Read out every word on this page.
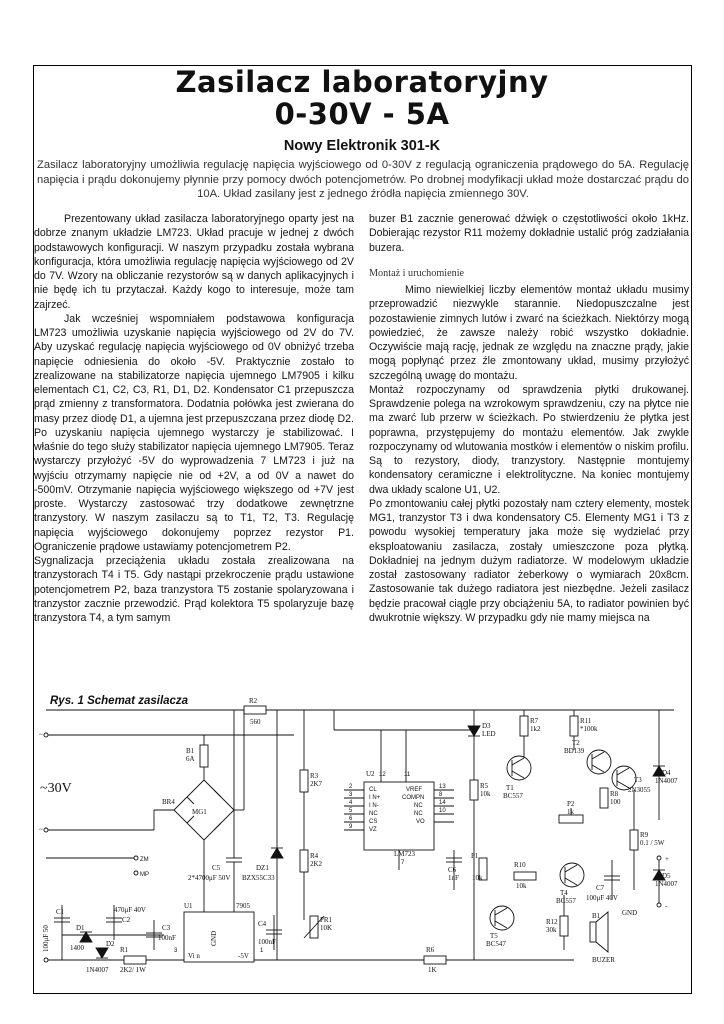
Zasilacz laboratoryjny
0-30V - 5A
Nowy Elektronik 301-K
Zasilacz laboratoryjny umożliwia regulację napięcia wyjściowego od 0-30V z regulacją ograniczenia prądowego do 5A. Regulację napięcia i prądu dokonujemy płynnie przy pomocy dwóch potencjometrów. Po drobnej modyfikacji układ może dostarczać prądu do 10A. Układ zasilany jest z jednego źródła napięcia zmiennego 30V.

Prezentowany układ zasilacza laboratoryjnego oparty jest na dobrze znanym układzie LM723. Układ pracuje w jednej z dwóch podstawowych konfiguracji. W naszym przypadku została wybrana konfiguracja, która umożliwia regulację napięcia wyjściowego od 2V do 7V. Wzory na obliczanie rezystorów są w danych aplikacyjnych i nie będę ich tu przytaczał. Każdy kogo to interesuje, może tam zajrzeć.

Jak wcześniej wspomniałem podstawowa konfiguracja LM723 umożliwia uzyskanie napięcia wyjściowego od 2V do 7V. Aby uzyskać regulację napięcia wyjściowego od 0V obniżyć trzeba napięcie odniesienia do około -5V. Praktycznie zostało to zrealizowane na stabilizatorze napięcia ujemnego LM7905 i kilku elementach C1, C2, C3, R1, D1, D2. Kondensator C1 przepuszcza prąd zmienny z transformatora. Dodatnia połówka jest zwierana do masy przez diodę D1, a ujemna jest przepuszczana przez diodę D2. Po uzyskaniu napięcia ujemnego wystarczy je stabilizować. I właśnie do tego służy stabilizator napięcia ujemnego LM7905. Teraz wystarczy przyłożyć -5V do wyprowadzenia 7 LM723 i już na wyjściu otrzymamy napięcie nie od +2V, a od 0V a nawet do -500mV. Otrzymanie napięcia wyjściowego większego od +7V jest proste. Wystarczy zastosować trzy dodatkowe zewnętrzne tranzystory. W naszym zasilaczu są to T1, T2, T3. Regulację napięcia wyjściowego dokonujemy poprzez rezystor P1. Ograniczenie prądowe ustawiamy potencjometrem P2.

Sygnalizacja przeciążenia układu została zrealizowana na tranzystorach T4 i T5. Gdy nastąpi przekroczenie prądu ustawione potencjometrem P2, baza tranzystora T5 zostanie spolaryzowana i tranzystor zacznie przewodzić. Prąd kolektora T5 spolaryzuje bazę tranzystora T4, a tym samym

buzer B1 zacznie generować dźwięk o częstotliwości około 1kHz. Dobierając rezystor R11 możemy dokładnie ustalić próg zadziałania buzera.

Montaż i uruchomienie

Mimo niewielkiej liczby elementów montaż układu musimy przeprowadzić niezwykle starannie. Niedopuszczalne jest pozostawienie zimnych lutów i zwarć na ścieżkach. Niektórzy mogą powiedzieć, że zawsze należy robić wszystko dokładnie. Oczywiście mają rację, jednak ze względu na znaczne prądy, jakie mogą popłynąć przez źle zmontowany układ, musimy przyłożyć szczególną uwagę do montażu.

Montaż rozpoczynamy od sprawdzenia płytki drukowanej. Sprawdzenie polega na wzrokowym sprawdzeniu, czy na płytce nie ma zwarć lub przerw w ścieżkach. Po stwierdzeniu że płytka jest poprawna, przystępujemy do montażu elementów. Jak zwykle rozpoczynamy od wlutowania mostków i elementów o niskim profilu. Są to rezystory, diody, tranzystory. Następnie montujemy kondensatory ceramiczne i elektrolityczne. Na koniec montujemy dwa układy scalone U1, U2.

Po zmontowaniu całej płytki pozostały nam cztery elementy, mostek MG1, tranzystor T3 i dwa kondensatory C5. Elementy MG1 i T3 z powodu wysokiej temperatury jaka może się wydzielać przy eksploatowaniu zasilacza, zostały umieszczone poza płytką. Dokładniej na jednym dużym radiatorze. W modelowym układzie został zastosowany radiator żeberkowy o wymiarach 20x8cm. Zastosowanie tak dużego radiatora jest niezbędne. Jeżeli zasilacz będzie pracował ciągle przy obciążeniu 5A, to radiator powinien być dwukrotnie większy. W przypadku gdy nie mamy miejsca na

Rys. 1 Schemat zasilacza
~
~
~30V
R2
560
B1
6A
BR4
MG1
ZM
MP
C5
2*4700μF 50V
DZ1
BZX55C33
R3
2K7
R4
2K2
U2
LM723
12	11
2
3
4
5
6
9
13
8
14
10
7
CL
I N+
I N-
NC
CS
VZ
VREF
COMPN
NC
NC
VO
D3
LED
R5
10k
R7
1k2
R11
*100k
T1
BC557
T2
BD139
T3
2N3055
D4
1N4007
P2
1k
R8
100
R9
0.1 / 5W
C6
1nF
P1
10k
R10
10k
T4
BC557
C7
100μF 40V
D5
1N4007
+
-
GND
C1
100μF 50	D1
1400
470μF 40V
C2
D2
1N4007
R1
2K2/ 1W
C3
100nF
U1	7905
GND
Vi n	-5V
3	1
C4
100nF
PR1
10K
R6
1K
T5
BC547
R12
30k
B1
BUZER
